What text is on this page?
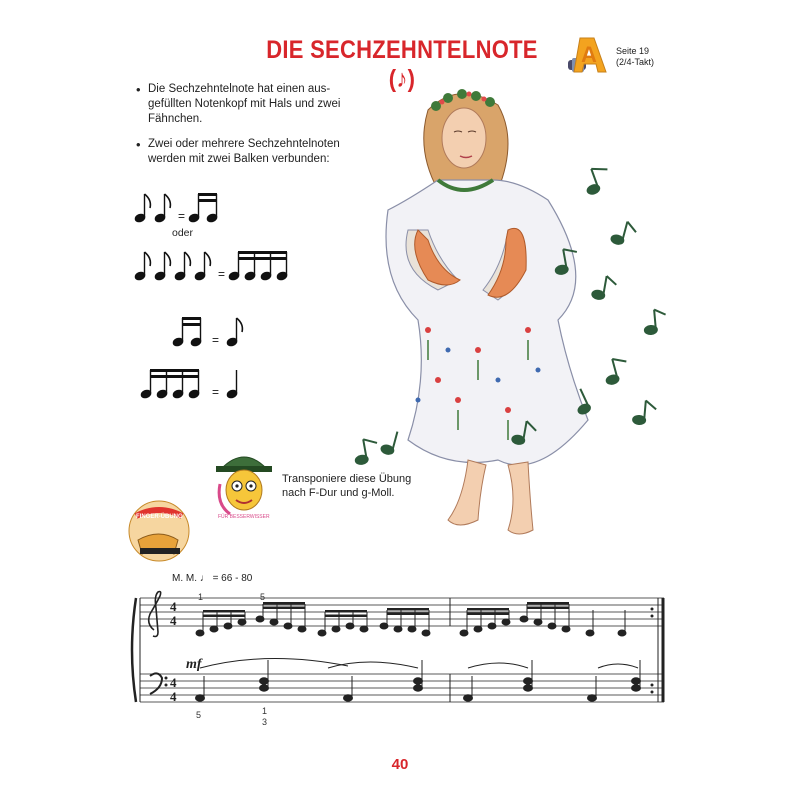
DIE SECHZEHNTELNOTE (♪)
A Seite 19
(2/4-Takt)
• Die Sechzehntelnote hat einen aus-gefüllten Notenkopf mit Hals und zwei Fähnchen.
• Zwei oder mehrere Sechzehntelnoten werden mit zwei Balken verbunden:
=
oder
=
=
=
FINGER-ÜBUNG	FÜR BESSERWISSER
Transponiere diese Übung nach F-Dur und g-Moll.
M. M. ♩ = 66 - 80
4
4
4
4
mf
1	5
5	1
3
40
